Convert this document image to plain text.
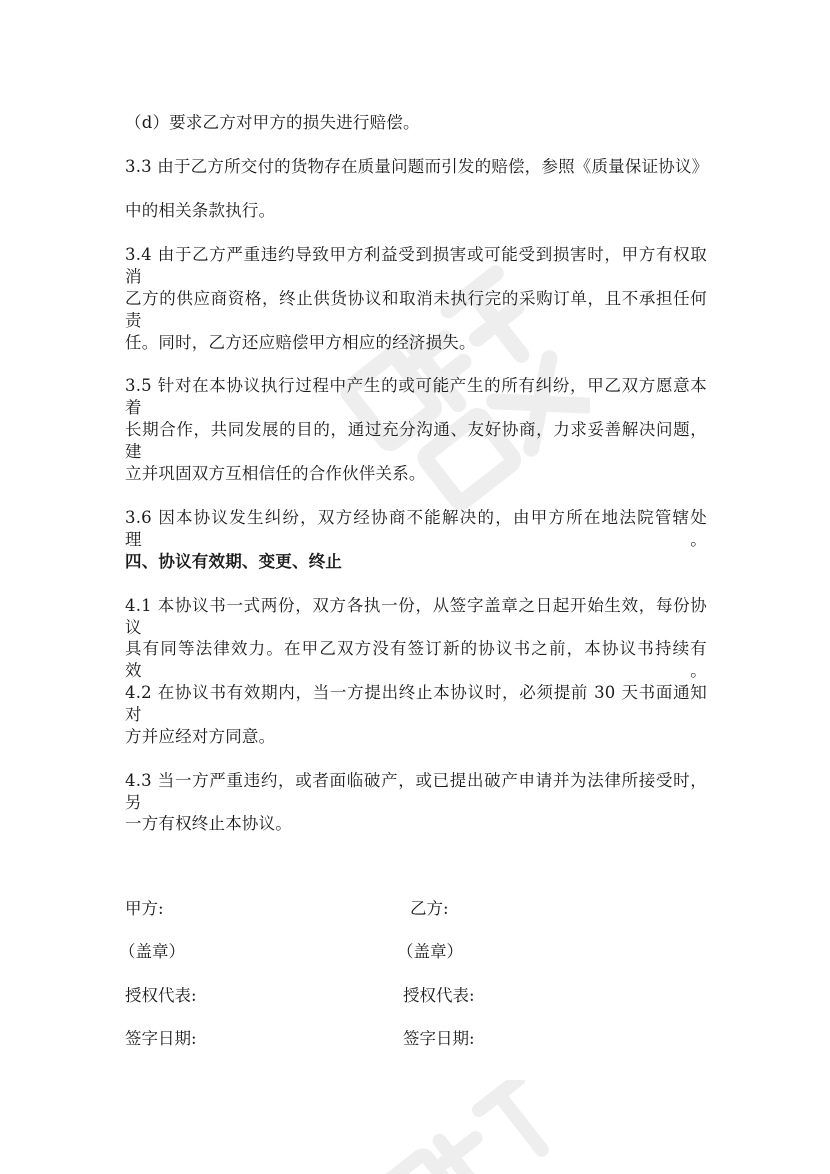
（d）要求乙方对甲方的损失进行赔偿。
3.3 由于乙方所交付的货物存在质量问题而引发的赔偿，参照《质量保证协议》
中的相关条款执行。
3.4 由于乙方严重违约导致甲方利益受到损害或可能受到损害时，甲方有权取消
乙方的供应商资格，终止供货协议和取消未执行完的采购订单，且不承担任何责
任。同时，乙方还应赔偿甲方相应的经济损失。
3.5 针对在本协议执行过程中产生的或可能产生的所有纠纷，甲乙双方愿意本着
长期合作，共同发展的目的，通过充分沟通、友好协商，力求妥善解决问题，建
立并巩固双方互相信任的合作伙伴关系。
3.6 因本协议发生纠纷，双方经协商不能解决的，由甲方所在地法院管辖处理。
四、协议有效期、变更、终止
4.1 本协议书一式两份，双方各执一份，从签字盖章之日起开始生效，每份协议
具有同等法律效力。在甲乙双方没有签订新的协议书之前，本协议书持续有效。
4.2 在协议书有效期内，当一方提出终止本协议时，必须提前 30 天书面通知对
方并应经对方同意。
4.3 当一方严重违约，或者面临破产，或已提出破产申请并为法律所接受时，另
一方有权终止本协议。
甲方:	乙方:
（盖章）	（盖章）
授权代表:	授权代表:
签字日期:	签字日期:
